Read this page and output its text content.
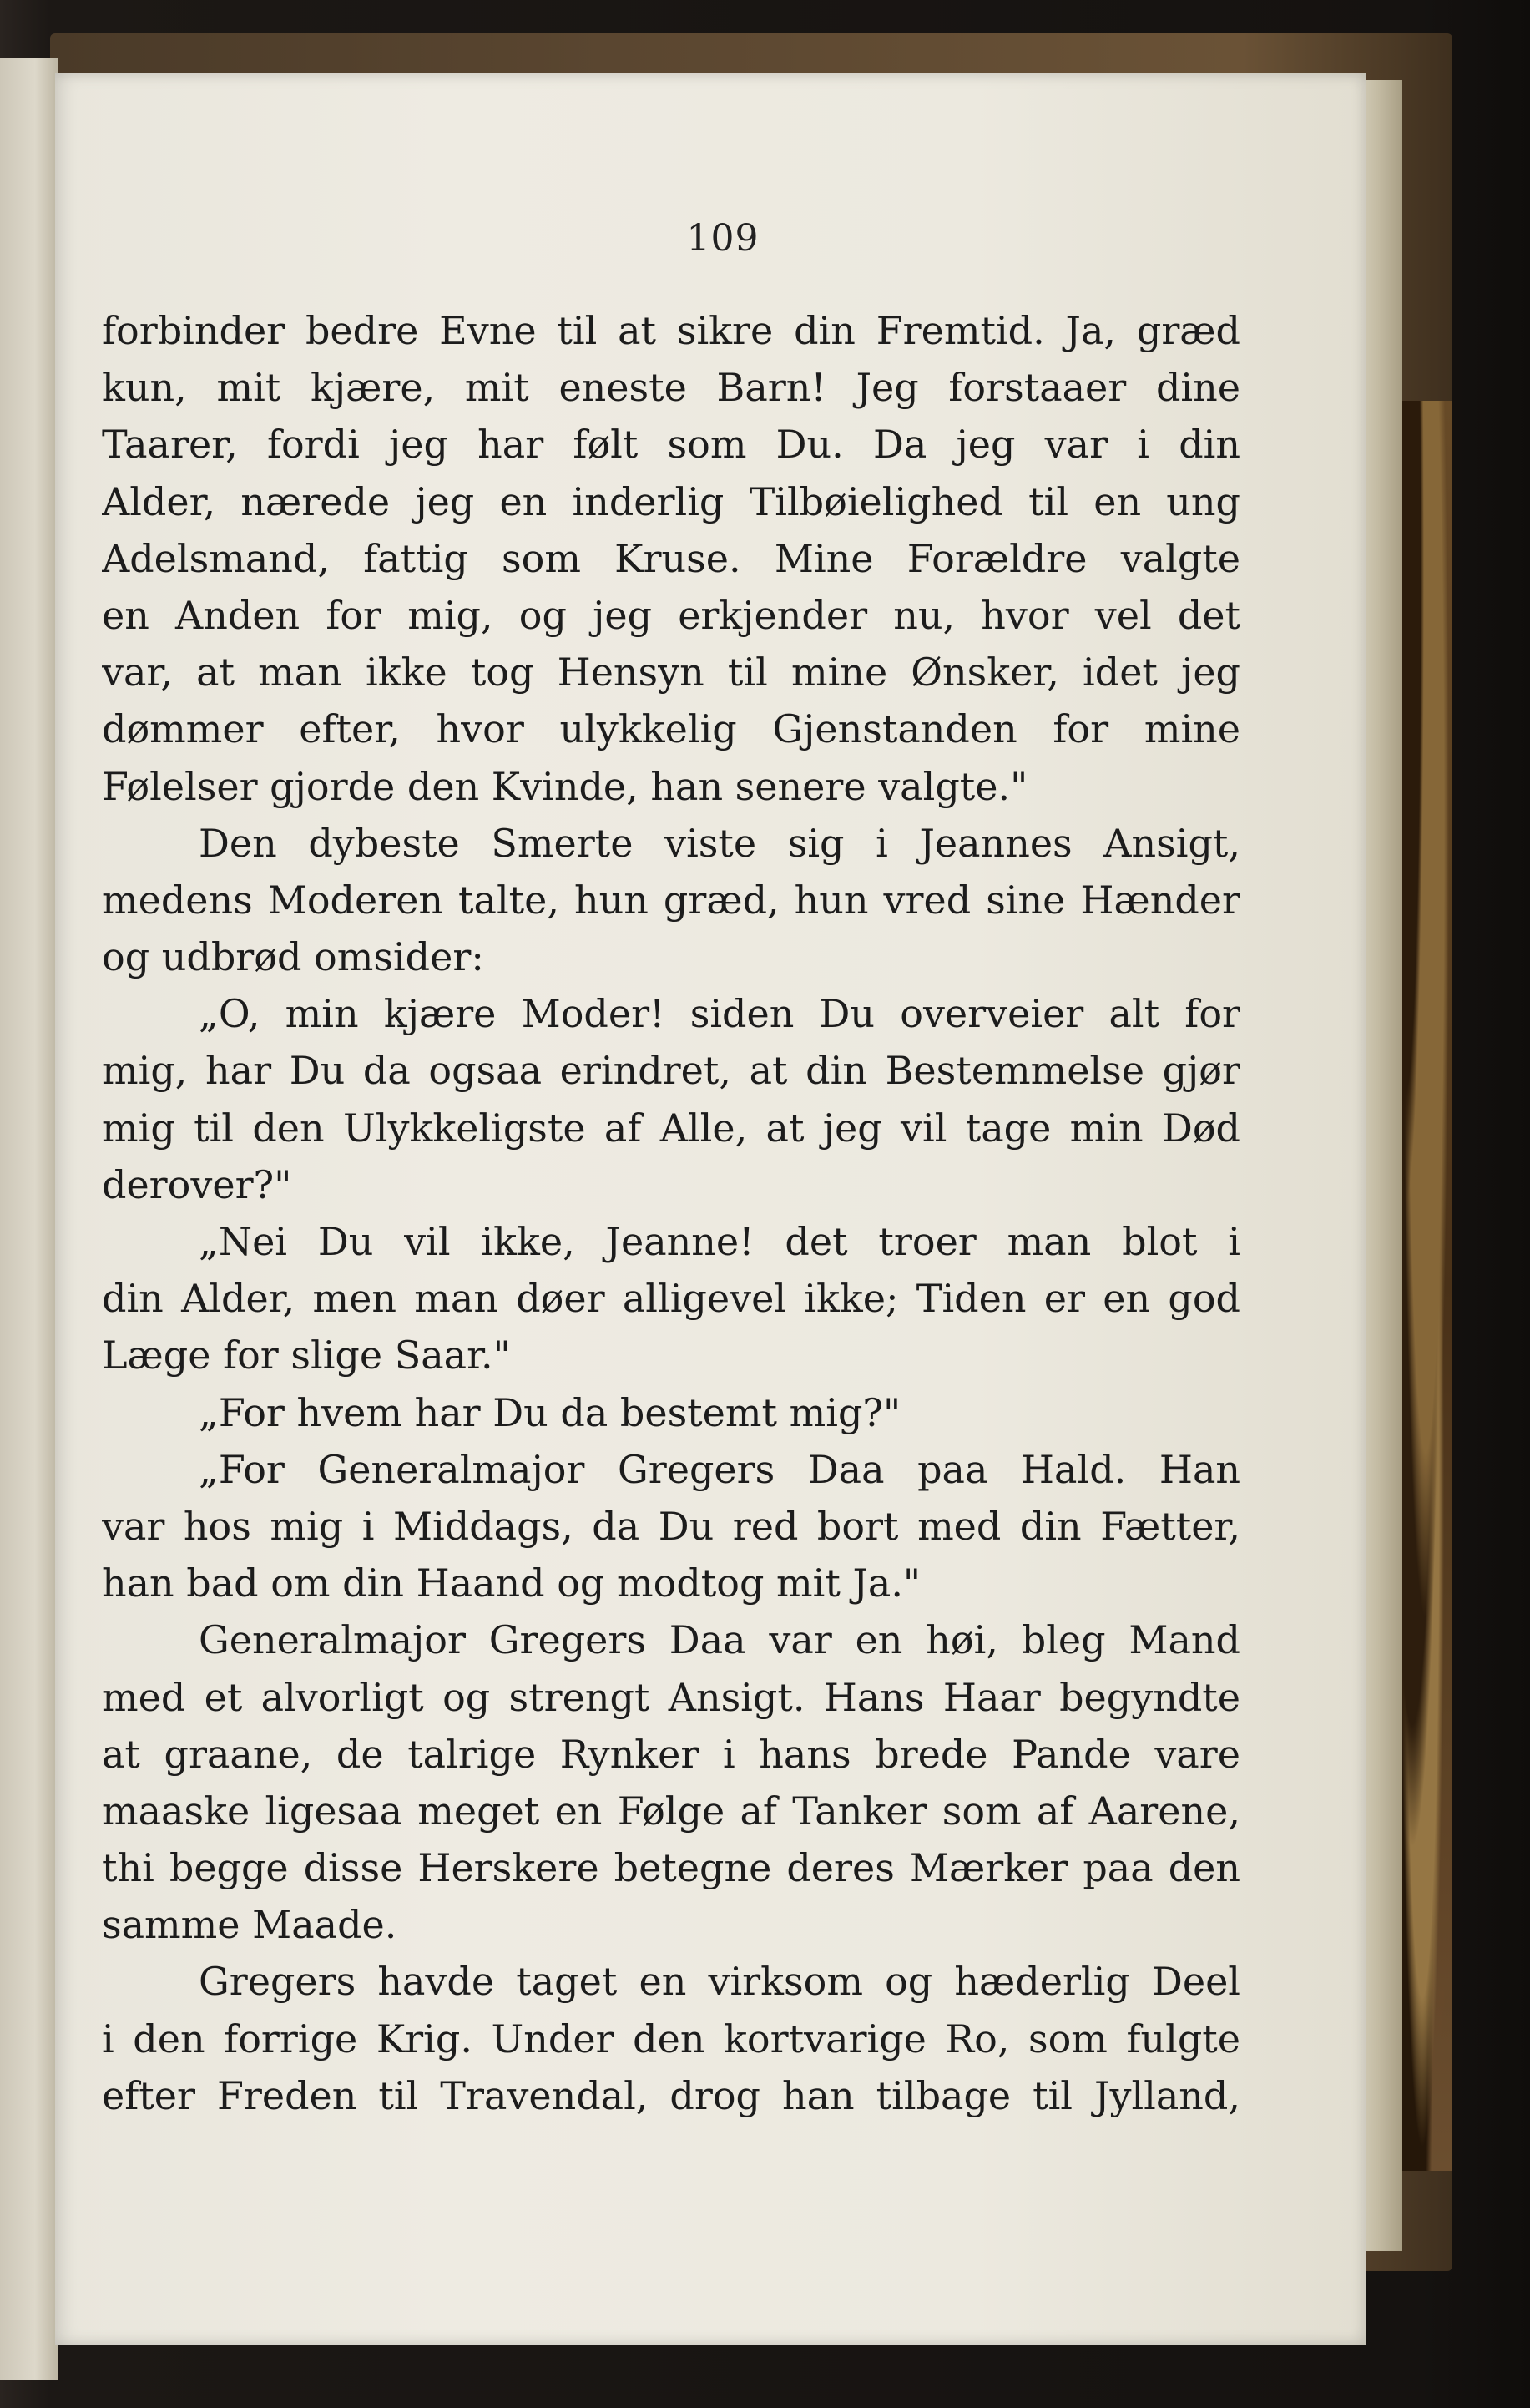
109
forbinder bedre Evne til at sikre din Fremtid. Ja, græd
kun, mit kjære, mit eneste Barn! Jeg forstaaer dine
Taarer, fordi jeg har følt som Du. Da jeg var i din
Alder, nærede jeg en inderlig Tilbøielighed til en ung
Adelsmand, fattig som Kruse. Mine Forældre valgte
en Anden for mig, og jeg erkjender nu, hvor vel det
var, at man ikke tog Hensyn til mine Ønsker, idet jeg
dømmer efter, hvor ulykkelig Gjenstanden for mine
Følelser gjorde den Kvinde, han senere valgte."
Den dybeste Smerte viste sig i Jeannes Ansigt,
medens Moderen talte, hun græd, hun vred sine Hænder
og udbrød omsider:
„O, min kjære Moder! siden Du overveier alt for
mig, har Du da ogsaa erindret, at din Bestemmelse gjør
mig til den Ulykkeligste af Alle, at jeg vil tage min Død
derover?"
„Nei Du vil ikke, Jeanne! det troer man blot i
din Alder, men man døer alligevel ikke; Tiden er en god
Læge for slige Saar."
„For hvem har Du da bestemt mig?"
„For Generalmajor Gregers Daa paa Hald. Han
var hos mig i Middags, da Du red bort med din Fætter,
han bad om din Haand og modtog mit Ja."
Generalmajor Gregers Daa var en høi, bleg Mand
med et alvorligt og strengt Ansigt. Hans Haar begyndte
at graane, de talrige Rynker i hans brede Pande vare
maaske ligesaa meget en Følge af Tanker som af Aarene,
thi begge disse Herskere betegne deres Mærker paa den
samme Maade.
Gregers havde taget en virksom og hæderlig Deel
i den forrige Krig. Under den kortvarige Ro, som fulgte
efter Freden til Travendal, drog han tilbage til Jylland,
